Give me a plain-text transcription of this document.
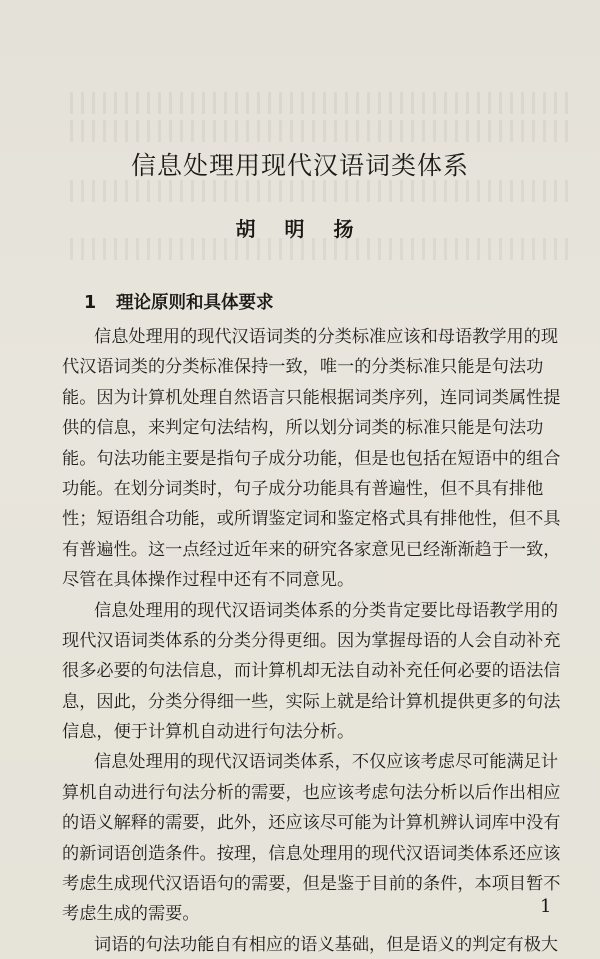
信息处理用现代汉语词类体系
胡 明 扬
1 理论原则和具体要求
信息处理用的现代汉语词类的分类标准应该和母语教学用的现
代汉语词类的分类标准保持一致，唯一的分类标准只能是句法功
能。因为计算机处理自然语言只能根据词类序列，连同词类属性提
供的信息，来判定句法结构，所以划分词类的标准只能是句法功
能。句法功能主要是指句子成分功能，但是也包括在短语中的组合
功能。在划分词类时，句子成分功能具有普遍性，但不具有排他
性；短语组合功能，或所谓鉴定词和鉴定格式具有排他性，但不具
有普遍性。这一点经过近年来的研究各家意见已经渐渐趋于一致，
尽管在具体操作过程中还有不同意见。
信息处理用的现代汉语词类体系的分类肯定要比母语教学用的
现代汉语词类体系的分类分得更细。因为掌握母语的人会自动补充
很多必要的句法信息，而计算机却无法自动补充任何必要的语法信
息，因此，分类分得细一些，实际上就是给计算机提供更多的句法
信息，便于计算机自动进行句法分析。
信息处理用的现代汉语词类体系，不仅应该考虑尽可能满足计
算机自动进行句法分析的需要，也应该考虑句法分析以后作出相应
的语义解释的需要，此外，还应该尽可能为计算机辨认词库中没有
的新词语创造条件。按理，信息处理用的现代汉语词类体系还应该
考虑生成现代汉语语句的需要，但是鉴于目前的条件，本项目暂不
考虑生成的需要。
词语的句法功能自有相应的语义基础，但是语义的判定有极大
1
